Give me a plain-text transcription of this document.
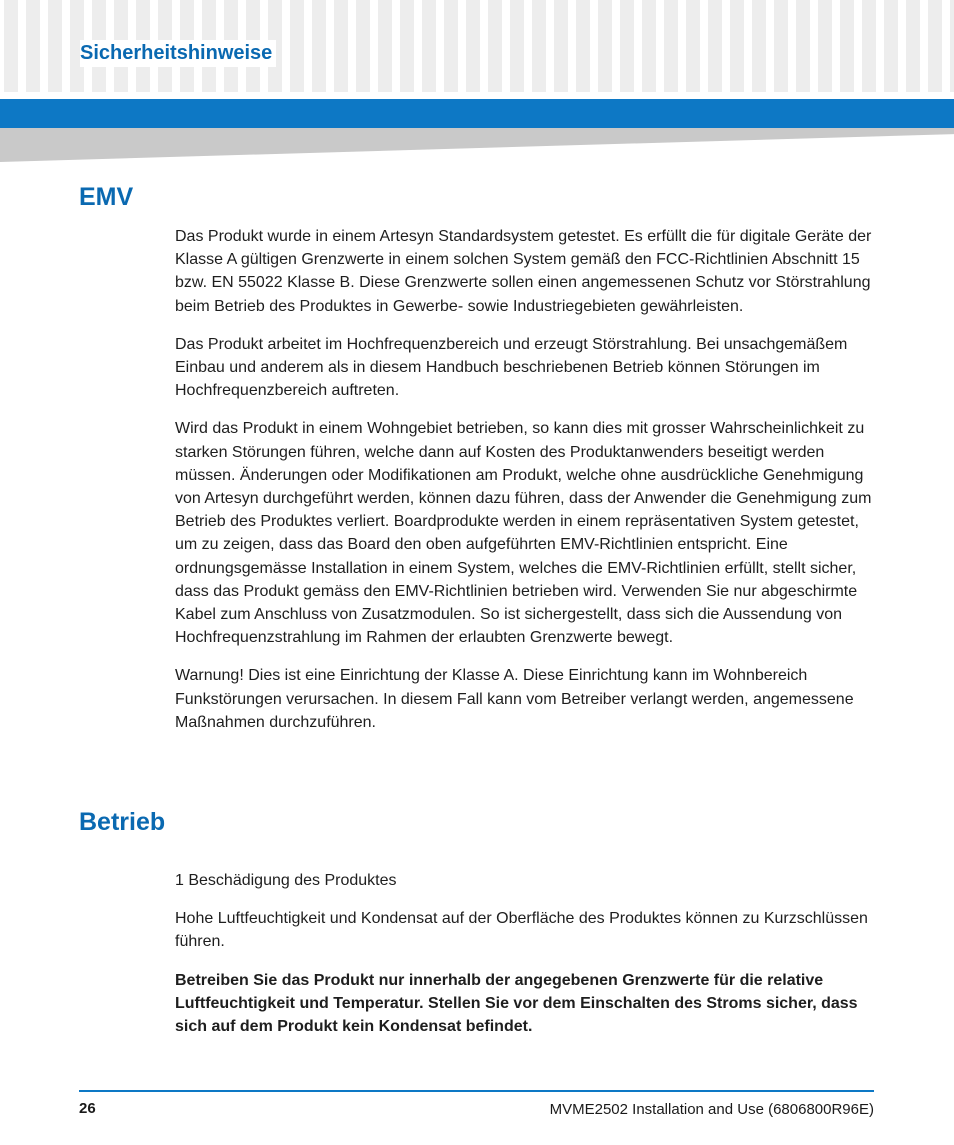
Sicherheitshinweise
EMV

Das Produkt wurde in einem Artesyn Standardsystem getestet. Es erfüllt die für digitale Geräte der Klasse A gültigen Grenzwerte in einem solchen System gemäß den FCC-Richtlinien Abschnitt 15 bzw. EN 55022 Klasse B. Diese Grenzwerte sollen einen angemessenen Schutz vor Störstrahlung beim Betrieb des Produktes in Gewerbe- sowie Industriegebieten gewährleisten.

Das Produkt arbeitet im Hochfrequenzbereich und erzeugt Störstrahlung. Bei unsachgemäßem Einbau und anderem als in diesem Handbuch beschriebenen Betrieb können Störungen im Hochfrequenzbereich auftreten.

Wird das Produkt in einem Wohngebiet betrieben, so kann dies mit grosser Wahrscheinlichkeit zu starken Störungen führen, welche dann auf Kosten des Produktanwenders beseitigt werden müssen. Änderungen oder Modifikationen am Produkt, welche ohne ausdrückliche Genehmigung von Artesyn durchgeführt werden, können dazu führen, dass der Anwender die Genehmigung zum Betrieb des Produktes verliert. Boardprodukte werden in einem repräsentativen System getestet, um zu zeigen, dass das Board den oben aufgeführten EMV-Richtlinien entspricht. Eine ordnungsgemässe Installation in einem System, welches die EMV-Richtlinien erfüllt, stellt sicher, dass das Produkt gemäss den EMV-Richtlinien betrieben wird. Verwenden Sie nur abgeschirmte Kabel zum Anschluss von Zusatzmodulen. So ist sichergestellt, dass sich die Aussendung von Hochfrequenzstrahlung im Rahmen der erlaubten Grenzwerte bewegt.

Warnung! Dies ist eine Einrichtung der Klasse A. Diese Einrichtung kann im Wohnbereich Funkstörungen verursachen. In diesem Fall kann vom Betreiber verlangt werden, angemessene Maßnahmen durchzuführen.

Betrieb

1 Beschädigung des Produktes

Hohe Luftfeuchtigkeit und Kondensat auf der Oberfläche des Produktes können zu Kurzschlüssen führen.

Betreiben Sie das Produkt nur innerhalb der angegebenen Grenzwerte für die relative Luftfeuchtigkeit und Temperatur. Stellen Sie vor dem Einschalten des Stroms sicher, dass sich auf dem Produkt kein Kondensat befindet.

26	MVME2502 Installation and Use (6806800R96E)
